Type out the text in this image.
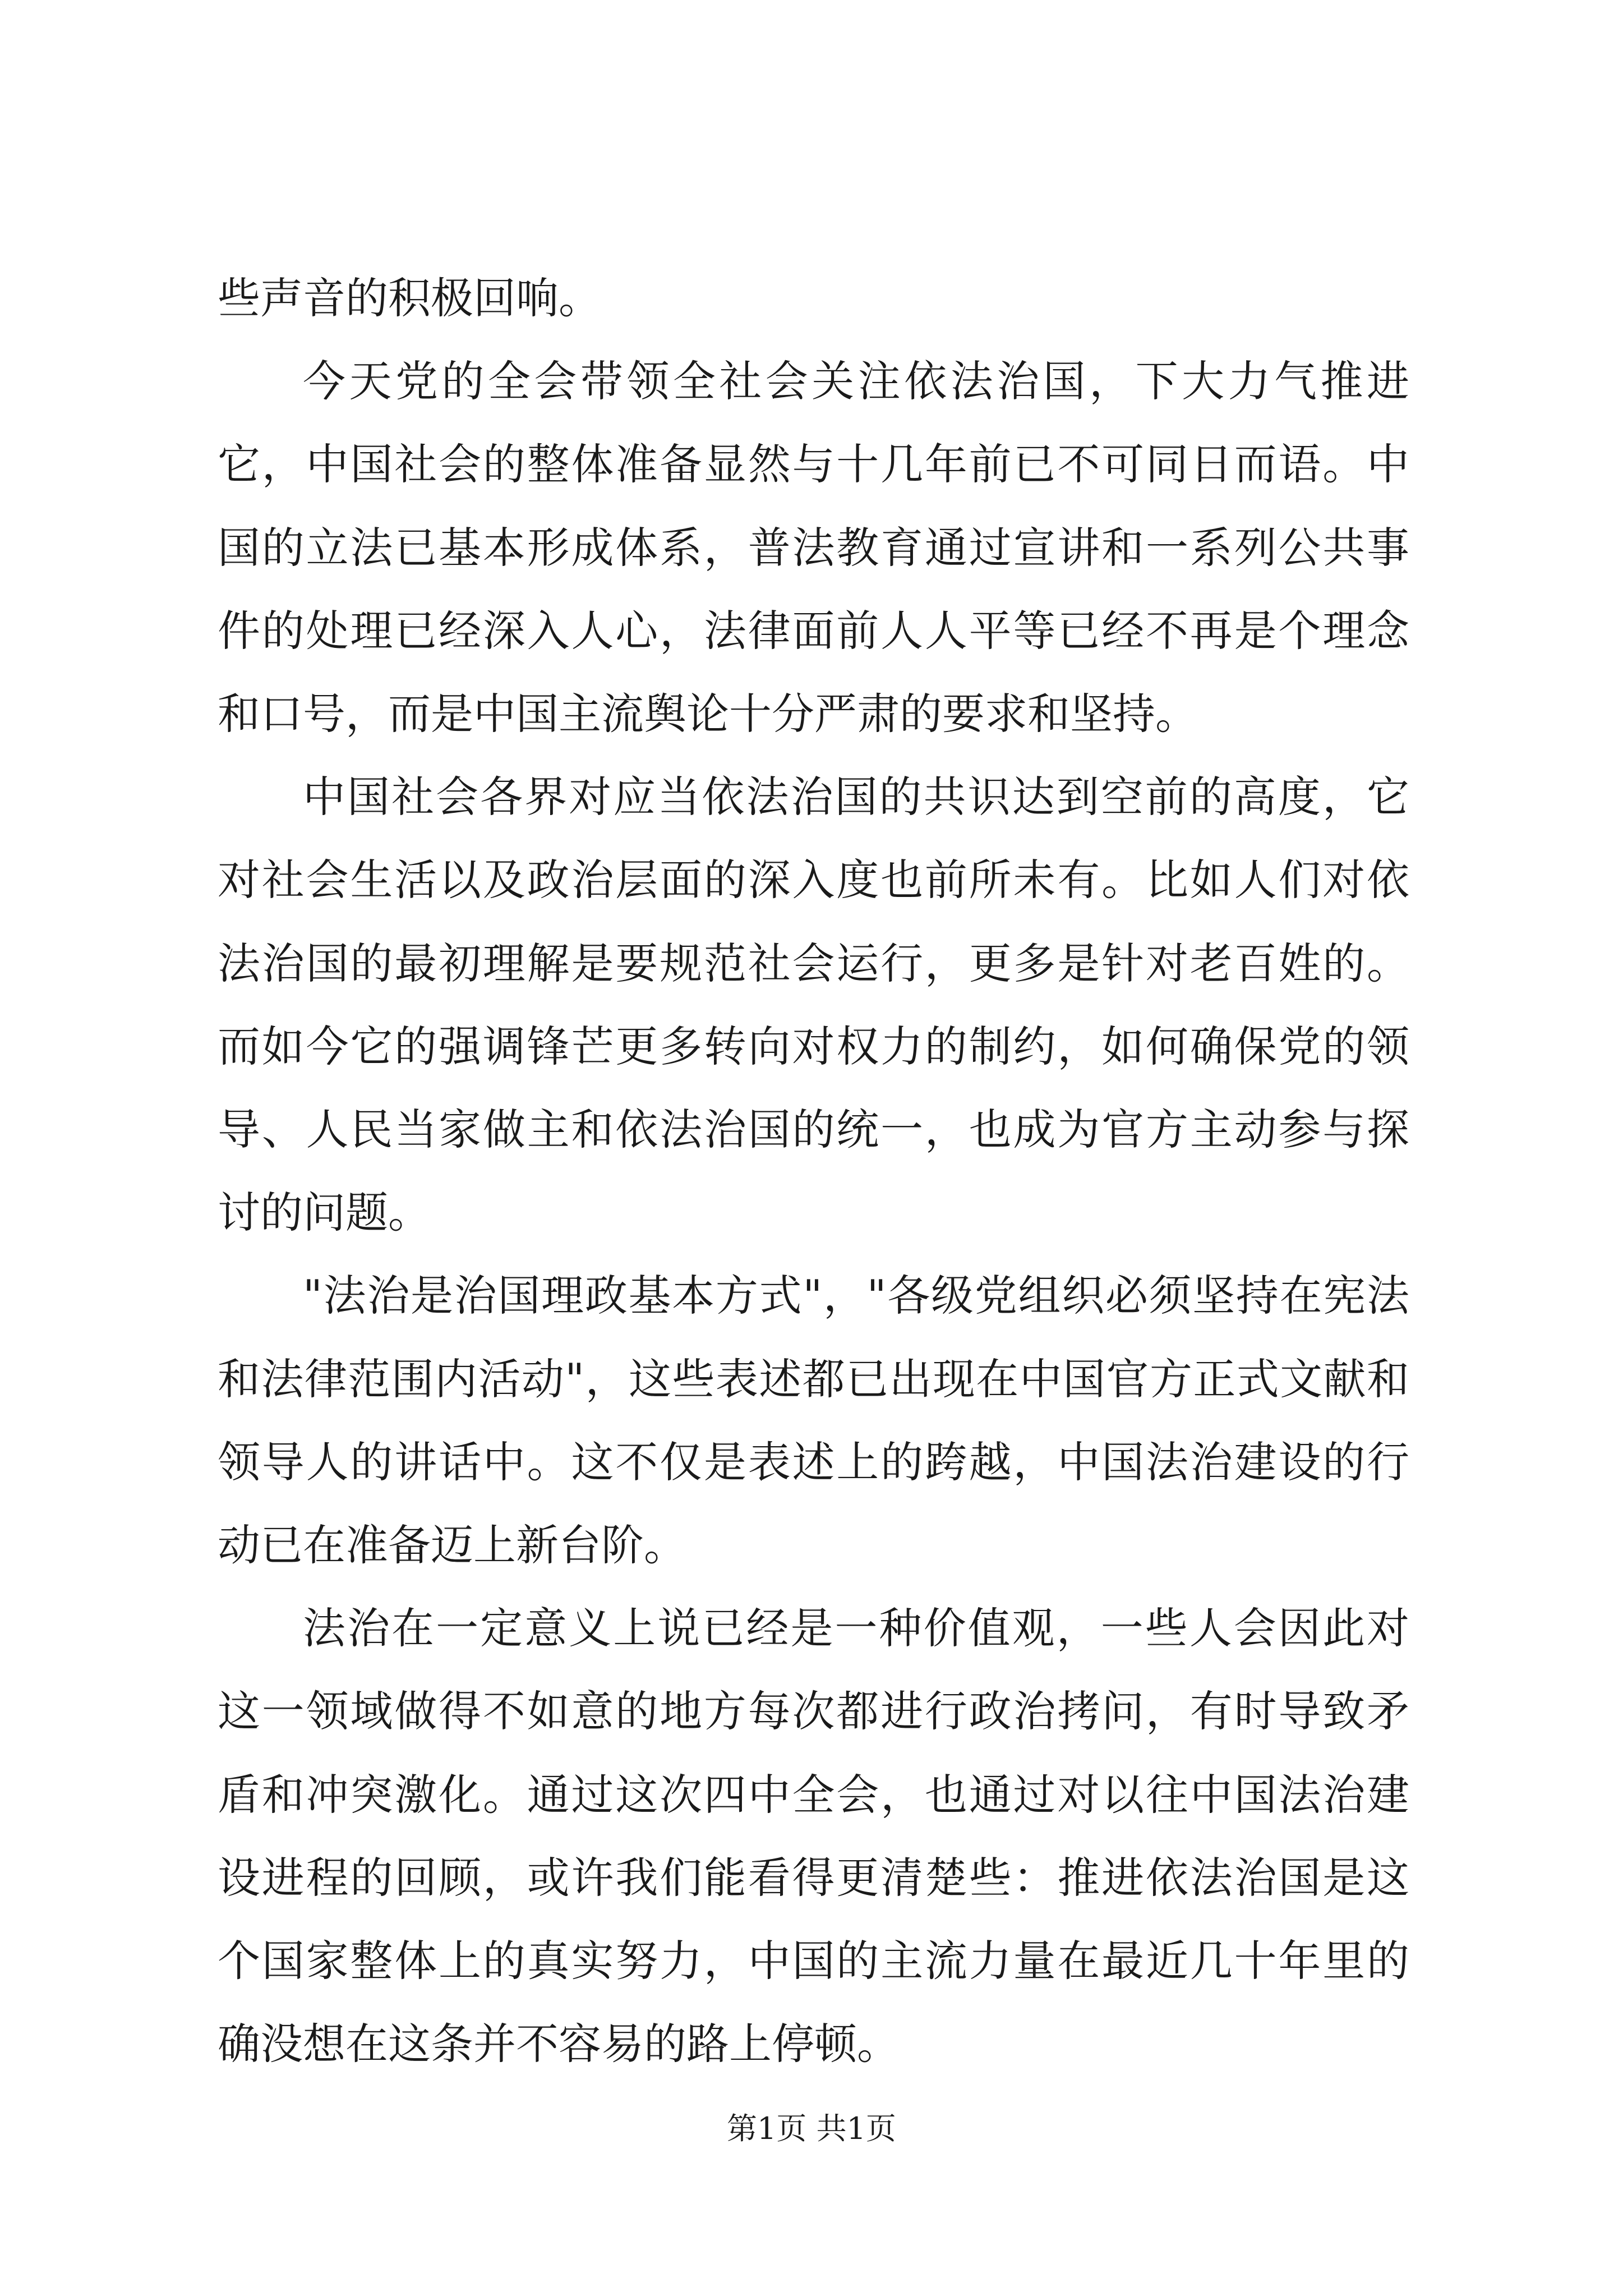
些声音的积极回响。

今天党的全会带领全社会关注依法治国，下大力气推进它，中国社会的整体准备显然与十几年前已不可同日而语。中国的立法已基本形成体系，普法教育通过宣讲和一系列公共事件的处理已经深入人心，法律面前人人平等已经不再是个理念和口号，而是中国主流舆论十分严肃的要求和坚持。

中国社会各界对应当依法治国的共识达到空前的高度，它对社会生活以及政治层面的深入度也前所未有。比如人们对依法治国的最初理解是要规范社会运行，更多是针对老百姓的。而如今它的强调锋芒更多转向对权力的制约，如何确保党的领导、人民当家做主和依法治国的统一，也成为官方主动参与探讨的问题。

"法治是治国理政基本方式"，"各级党组织必须坚持在宪法和法律范围内活动"，这些表述都已出现在中国官方正式文献和领导人的讲话中。这不仅是表述上的跨越，中国法治建设的行动已在准备迈上新台阶。

法治在一定意义上说已经是一种价值观，一些人会因此对这一领域做得不如意的地方每次都进行政治拷问，有时导致矛盾和冲突激化。通过这次四中全会，也通过对以往中国法治建设进程的回顾，或许我们能看得更清楚些：推进依法治国是这个国家整体上的真实努力，中国的主流力量在最近几十年里的确没想在这条并不容易的路上停顿。

第1页 共1页
